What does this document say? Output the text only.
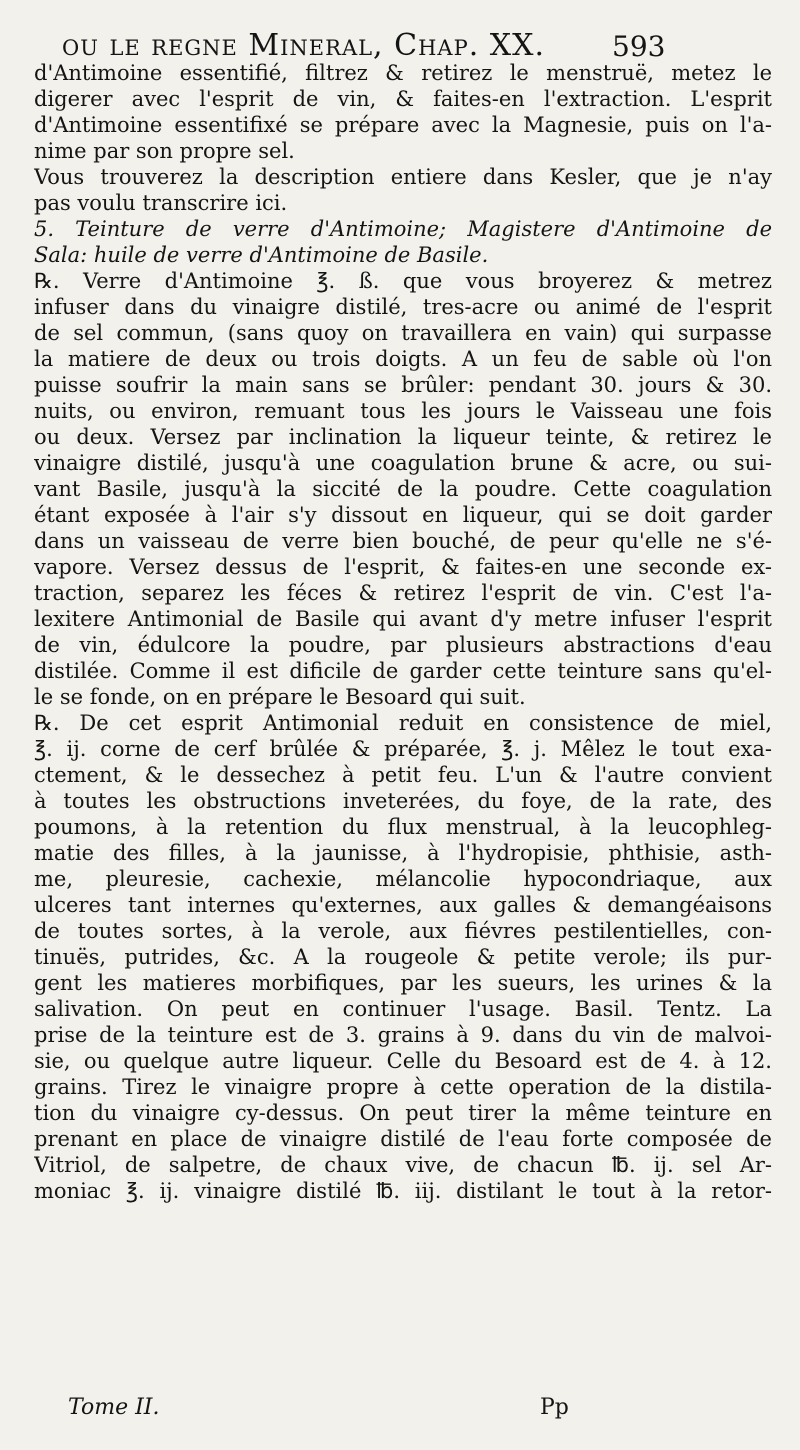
ou le regne Mineral, Chap. XX. 593
d'Antimoine essentifié, filtrez & retirez le menstruë, metez le
digerer avec l'esprit de vin, & faites-en l'extraction. L'esprit
d'Antimoine essentifixé se prépare avec la Magnesie, puis on l'a-
nime par son propre sel.
Vous trouverez la description entiere dans Kesler, que je n'ay
pas voulu transcrire ici.
5. Teinture de verre d'Antimoine; Magistere d'Antimoine de
Sala: huile de verre d'Antimoine de Basile.
℞. Verre d'Antimoine ℥. ß. que vous broyerez & metrez
infuser dans du vinaigre distilé, tres-acre ou animé de l'esprit
de sel commun, (sans quoy on travaillera en vain) qui surpasse
la matiere de deux ou trois doigts. A un feu de sable où l'on
puisse soufrir la main sans se brûler: pendant 30. jours & 30.
nuits, ou environ, remuant tous les jours le Vaisseau une fois
ou deux. Versez par inclination la liqueur teinte, & retirez le
vinaigre distilé, jusqu'à une coagulation brune & acre, ou sui-
vant Basile, jusqu'à la siccité de la poudre. Cette coagulation
étant exposée à l'air s'y dissout en liqueur, qui se doit garder
dans un vaisseau de verre bien bouché, de peur qu'elle ne s'é-
vapore. Versez dessus de l'esprit, & faites-en une seconde ex-
traction, separez les féces & retirez l'esprit de vin. C'est l'a-
lexitere Antimonial de Basile qui avant d'y metre infuser l'esprit
de vin, édulcore la poudre, par plusieurs abstractions d'eau
distilée. Comme il est dificile de garder cette teinture sans qu'el-
le se fonde, on en prépare le Besoard qui suit.
℞. De cet esprit Antimonial reduit en consistence de miel,
℥. ij. corne de cerf brûlée & préparée, ℥. j. Mêlez le tout exa-
ctement, & le dessechez à petit feu. L'un & l'autre convient
à toutes les obstructions inveterées, du foye, de la rate, des
poumons, à la retention du flux menstrual, à la leucophleg-
matie des filles, à la jaunisse, à l'hydropisie, phthisie, asth-
me, pleuresie, cachexie, mélancolie hypocondriaque, aux
ulceres tant internes qu'externes, aux galles & demangéaisons
de toutes sortes, à la verole, aux fiévres pestilentielles, con-
tinuës, putrides, &c. A la rougeole & petite verole; ils pur-
gent les matieres morbifiques, par les sueurs, les urines & la
salivation. On peut en continuer l'usage. Basil. Tentz. La
prise de la teinture est de 3. grains à 9. dans du vin de malvoi-
sie, ou quelque autre liqueur. Celle du Besoard est de 4. à 12.
grains. Tirez le vinaigre propre à cette operation de la distila-
tion du vinaigre cy-dessus. On peut tirer la même teinture en
prenant en place de vinaigre distilé de l'eau forte composée de
Vitriol, de salpetre, de chaux vive, de chacun ℔. ij. sel Ar-
moniac ℥. ij. vinaigre distilé ℔. iij. distilant le tout à la retor-
Tome II.	Pp
